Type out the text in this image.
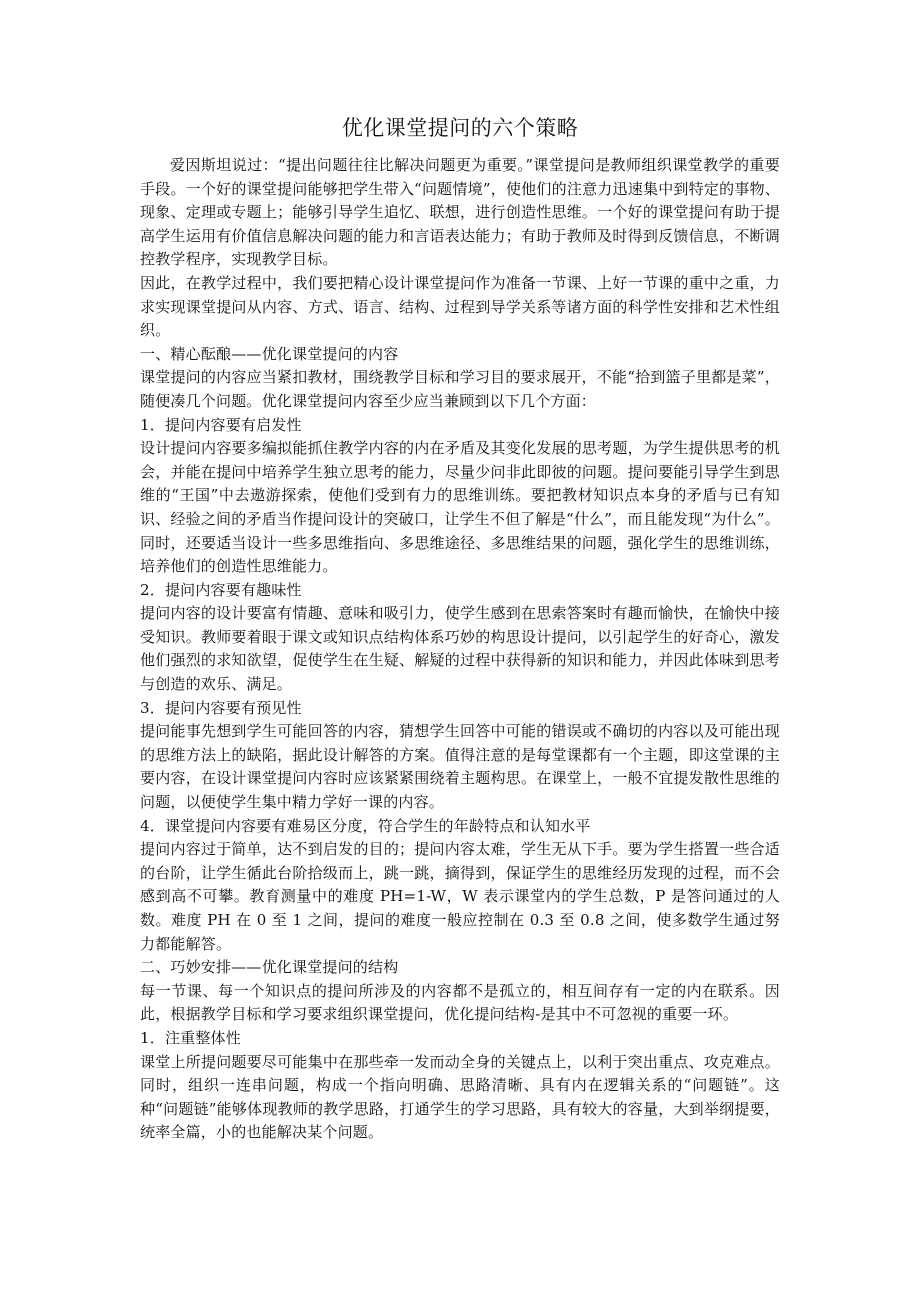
优化课堂提问的六个策略

爱因斯坦说过：“提出问题往往比解决问题更为重要。”课堂提问是教师组织课堂教学的重要手段。一个好的课堂提问能够把学生带入“问题情境”，使他们的注意力迅速集中到特定的事物、现象、定理或专题上；能够引导学生追忆、联想，进行创造性思维。一个好的课堂提问有助于提高学生运用有价值信息解决问题的能力和言语表达能力；有助于教师及时得到反馈信息，不断调控教学程序，实现教学目标。

因此，在教学过程中，我们要把精心设计课堂提问作为准备一节课、上好一节课的重中之重，力求实现课堂提问从内容、方式、语言、结构、过程到导学关系等诸方面的科学性安排和艺术性组织。

一、精心酝酿——优化课堂提问的内容

课堂提问的内容应当紧扣教材，围绕教学目标和学习目的要求展开，不能“拾到篮子里都是菜”，随便凑几个问题。优化课堂提问内容至少应当兼顾到以下几个方面：

1．提问内容要有启发性

设计提问内容要多编拟能抓住教学内容的内在矛盾及其变化发展的思考题，为学生提供思考的机会，并能在提问中培养学生独立思考的能力，尽量少问非此即彼的问题。提问要能引导学生到思维的“王国”中去遨游探索，使他们受到有力的思维训练。要把教材知识点本身的矛盾与已有知识、经验之间的矛盾当作提问设计的突破口，让学生不但了解是“什么”，而且能发现“为什么”。同时，还要适当设计一些多思维指向、多思维途径、多思维结果的问题，强化学生的思维训练，培养他们的创造性思维能力。

2．提问内容要有趣味性

提问内容的设计要富有情趣、意味和吸引力，使学生感到在思索答案时有趣而愉快，在愉快中接受知识。教师要着眼于课文或知识点结构体系巧妙的构思设计提问，以引起学生的好奇心，激发他们强烈的求知欲望，促使学生在生疑、解疑的过程中获得新的知识和能力，并因此体味到思考与创造的欢乐、满足。

3．提问内容要有预见性

提问能事先想到学生可能回答的内容，猜想学生回答中可能的错误或不确切的内容以及可能出现的思维方法上的缺陷，据此设计解答的方案。值得注意的是每堂课都有一个主题，即这堂课的主要内容，在设计课堂提问内容时应该紧紧围绕着主题构思。在课堂上，一般不宜提发散性思维的问题，以便使学生集中精力学好一课的内容。

4．课堂提问内容要有难易区分度，符合学生的年龄特点和认知水平

提问内容过于简单，达不到启发的目的；提问内容太难，学生无从下手。要为学生搭置一些合适的台阶，让学生循此台阶拾级而上，跳一跳，摘得到，保证学生的思维经历发现的过程，而不会感到高不可攀。教育测量中的难度 PH=1-W，W 表示课堂内的学生总数，P 是答问通过的人数。难度 PH 在 0 至 1 之间，提问的难度一般应控制在 0.3 至 0.8 之间，使多数学生通过努力都能解答。

二、巧妙安排——优化课堂提问的结构

每一节课、每一个知识点的提问所涉及的内容都不是孤立的，相互间存有一定的内在联系。因此，根据教学目标和学习要求组织课堂提问，优化提问结构-是其中不可忽视的重要一环。

1．注重整体性

课堂上所提问题要尽可能集中在那些牵一发而动全身的关键点上，以利于突出重点、攻克难点。同时，组织一连串问题，构成一个指向明确、思路清晰、具有内在逻辑关系的“问题链”。这种“问题链”能够体现教师的教学思路，打通学生的学习思路，具有较大的容量，大到举纲提要，统率全篇，小的也能解决某个问题。
